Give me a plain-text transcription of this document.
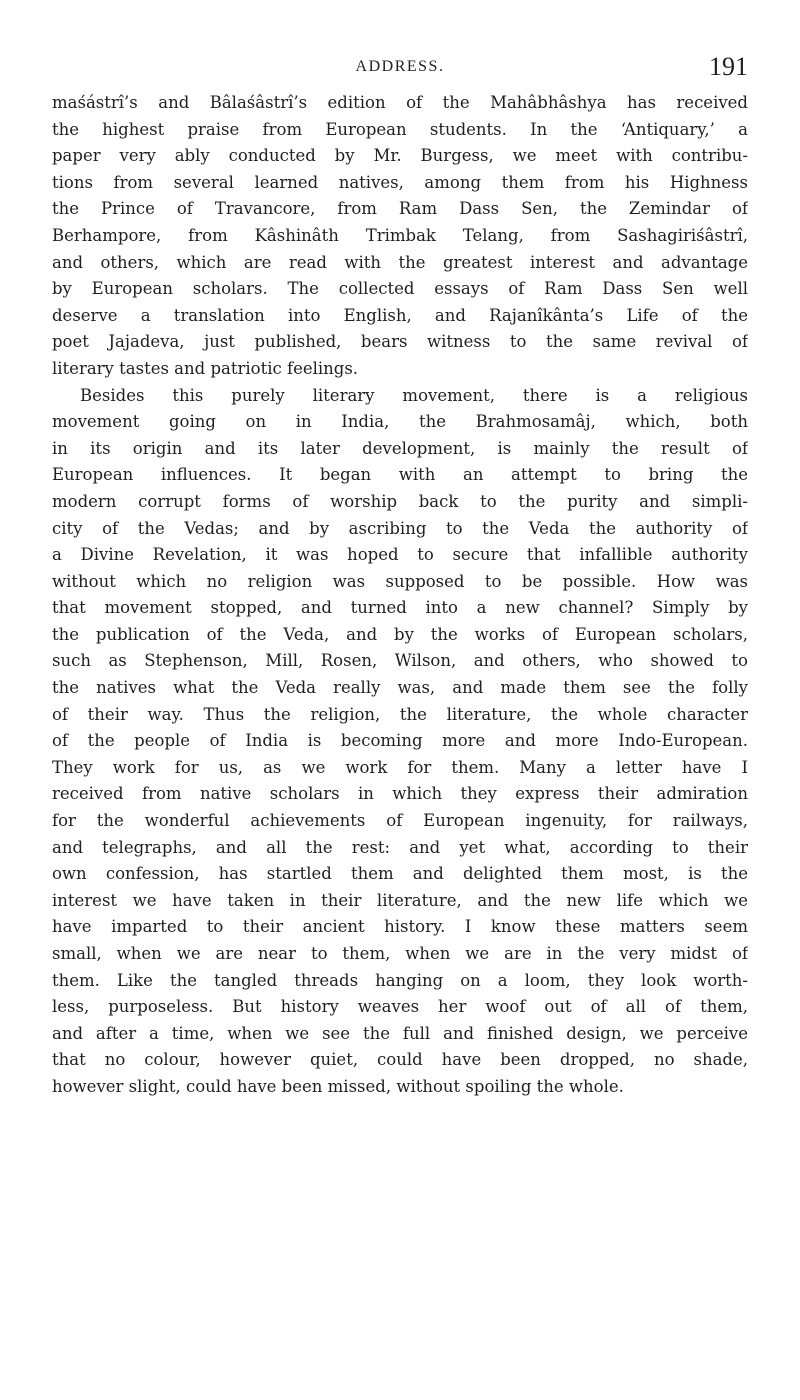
ADDRESS.	191
maśástrî’s and Bâlaśâstrî’s edition of the Mahâbhâshya has received
the highest praise from European students. In the ‘Antiquary,’ a
paper very ably conducted by Mr. Burgess, we meet with contribu-
tions from several learned natives, among them from his Highness
the Prince of Travancore, from Ram Dass Sen, the Zemindar of
Berhampore, from Kâshinâth Trimbak Telang, from Sashagiriśâstrî,
and others, which are read with the greatest interest and advantage
by European scholars. The collected essays of Ram Dass Sen well
deserve a translation into English, and Rajanîkânta’s Life of the
poet Jajadeva, just published, bears witness to the same revival of
literary tastes and patriotic feelings.
Besides this purely literary movement, there is a religious
movement going on in India, the Brahmosamâj, which, both
in its origin and its later development, is mainly the result of
European influences. It began with an attempt to bring the
modern corrupt forms of worship back to the purity and simpli-
city of the Vedas; and by ascribing to the Veda the authority of
a Divine Revelation, it was hoped to secure that infallible authority
without which no religion was supposed to be possible. How was
that movement stopped, and turned into a new channel? Simply by
the publication of the Veda, and by the works of European scholars,
such as Stephenson, Mill, Rosen, Wilson, and others, who showed to
the natives what the Veda really was, and made them see the folly
of their way. Thus the religion, the literature, the whole character
of the people of India is becoming more and more Indo-European.
They work for us, as we work for them. Many a letter have I
received from native scholars in which they express their admiration
for the wonderful achievements of European ingenuity, for railways,
and telegraphs, and all the rest: and yet what, according to their
own confession, has startled them and delighted them most, is the
interest we have taken in their literature, and the new life which we
have imparted to their ancient history. I know these matters seem
small, when we are near to them, when we are in the very midst of
them. Like the tangled threads hanging on a loom, they look worth-
less, purposeless. But history weaves her woof out of all of them,
and after a time, when we see the full and finished design, we perceive
that no colour, however quiet, could have been dropped, no shade,
however slight, could have been missed, without spoiling the whole.
